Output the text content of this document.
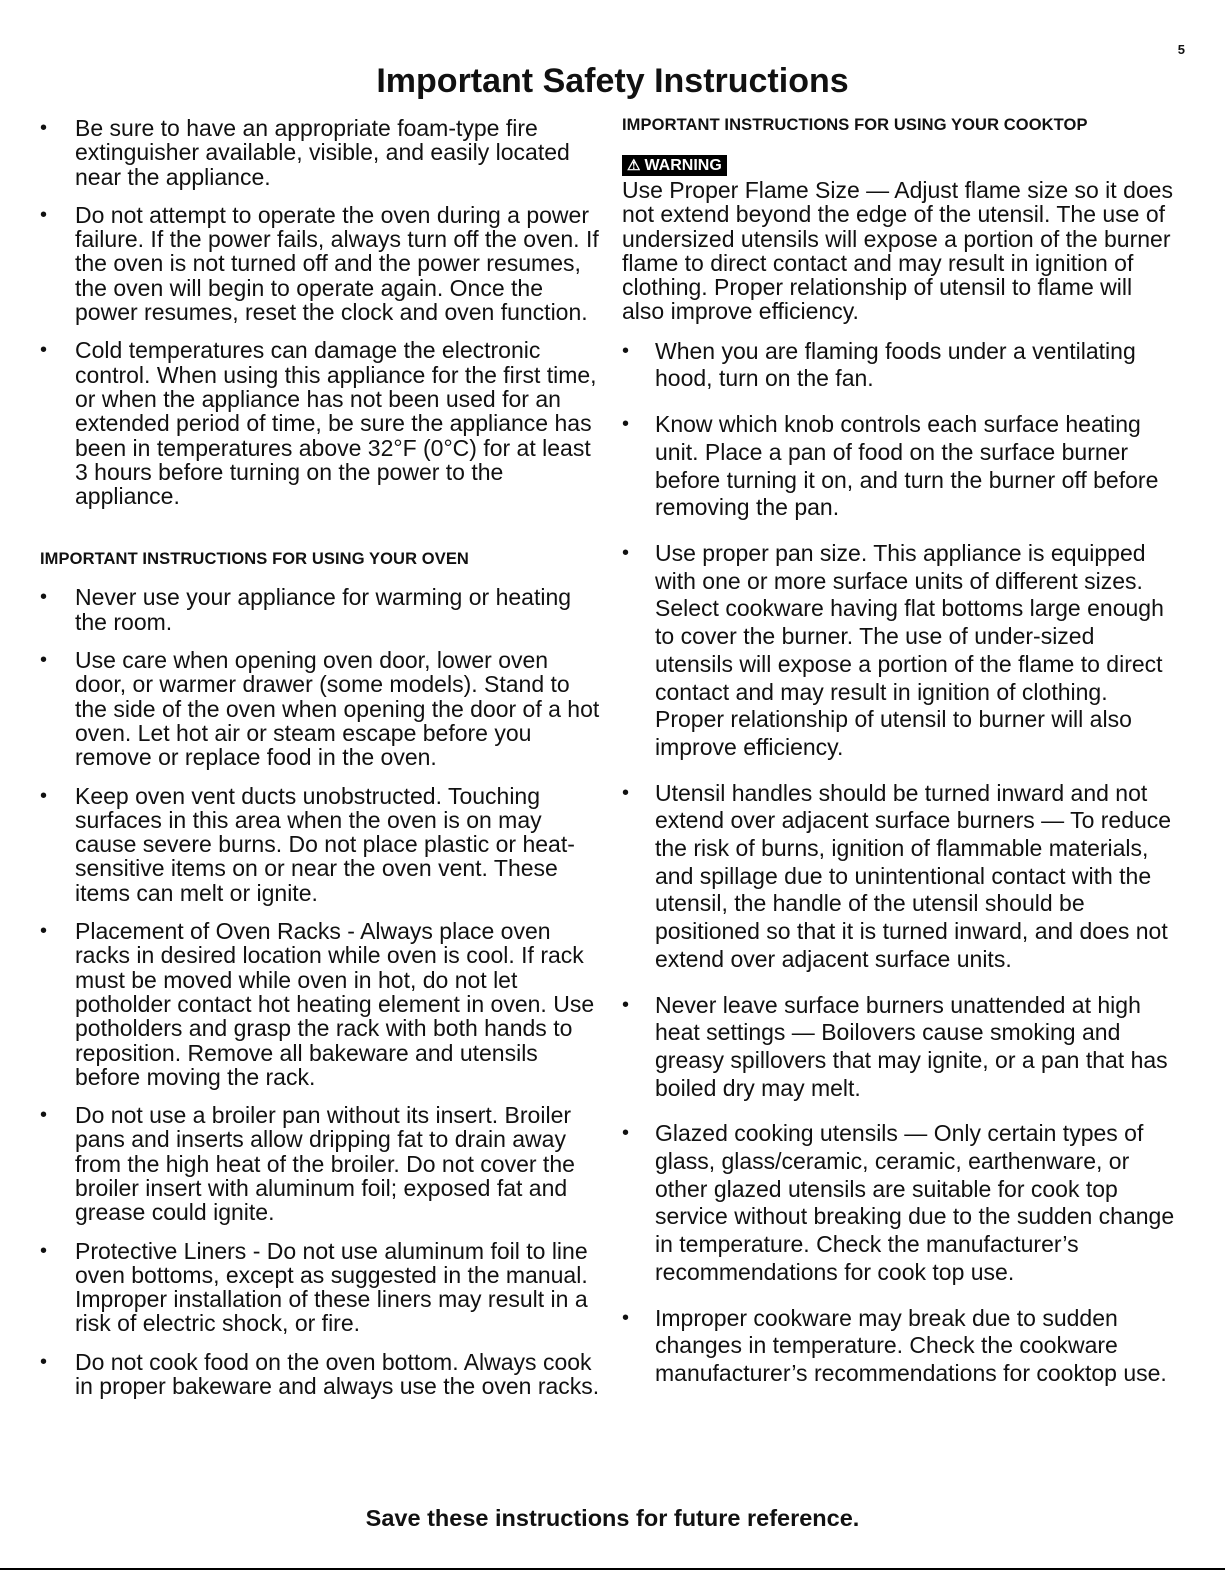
5
Important Safety Instructions
• Be sure to have an appropriate foam-type fire extinguisher available, visible, and easily located near the appliance.
• Do not attempt to operate the oven during a power failure. If the power fails, always turn off the oven. If the oven is not turned off and the power resumes, the oven will begin to operate again. Once the power resumes, reset the clock and oven function.
• Cold temperatures can damage the electronic control. When using this appliance for the first time, or when the appliance has not been used for an extended period of time, be sure the appliance has been in temperatures above 32°F (0°C) for at least 3 hours before turning on the power to the appliance.
IMPORTANT INSTRUCTIONS FOR USING YOUR OVEN
• Never use your appliance for warming or heating the room.
• Use care when opening oven door, lower oven door, or warmer drawer (some models). Stand to the side of the oven when opening the door of a hot oven. Let hot air or steam escape before you remove or replace food in the oven.
• Keep oven vent ducts unobstructed. Touching surfaces in this area when the oven is on may cause severe burns. Do not place plastic or heat-sensitive items on or near the oven vent. These items can melt or ignite.
• Placement of Oven Racks - Always place oven racks in desired location while oven is cool. If rack must be moved while oven in hot, do not let potholder contact hot heating element in oven. Use potholders and grasp the rack with both hands to reposition. Remove all bakeware and utensils before moving the rack.
• Do not use a broiler pan without its insert. Broiler pans and inserts allow dripping fat to drain away from the high heat of the broiler. Do not cover the broiler insert with aluminum foil; exposed fat and grease could ignite.
• Protective Liners - Do not use aluminum foil to line oven bottoms, except as suggested in the manual. Improper installation of these liners may result in a risk of electric shock, or fire.
• Do not cook food on the oven bottom. Always cook in proper bakeware and always use the oven racks.
IMPORTANT INSTRUCTIONS FOR USING YOUR COOKTOP
⚠ WARNING

Use Proper Flame Size — Adjust flame size so it does not extend beyond the edge of the utensil. The use of undersized utensils will expose a portion of the burner flame to direct contact and may result in ignition of clothing. Proper relationship of utensil to flame will also improve efficiency.

• When you are flaming foods under a ventilating hood, turn on the fan.
• Know which knob controls each surface heating unit. Place a pan of food on the surface burner before turning it on, and turn the burner off before removing the pan.
• Use proper pan size. This appliance is equipped with one or more surface units of different sizes. Select cookware having flat bottoms large enough to cover the burner. The use of under-sized utensils will expose a portion of the flame to direct contact and may result in ignition of clothing. Proper relationship of utensil to burner will also improve efficiency.
• Utensil handles should be turned inward and not extend over adjacent surface burners — To reduce the risk of burns, ignition of flammable materials, and spillage due to unintentional contact with the utensil, the handle of the utensil should be positioned so that it is turned inward, and does not extend over adjacent surface units.
• Never leave surface burners unattended at high heat settings — Boilovers cause smoking and greasy spillovers that may ignite, or a pan that has boiled dry may melt.
• Glazed cooking utensils — Only certain types of glass, glass/ceramic, ceramic, earthenware, or other glazed utensils are suitable for cook top service without breaking due to the sudden change in temperature. Check the manufacturer’s recommendations for cook top use.
• Improper cookware may break due to sudden changes in temperature. Check the cookware manufacturer’s recommendations for cooktop use.

Save these instructions for future reference.
